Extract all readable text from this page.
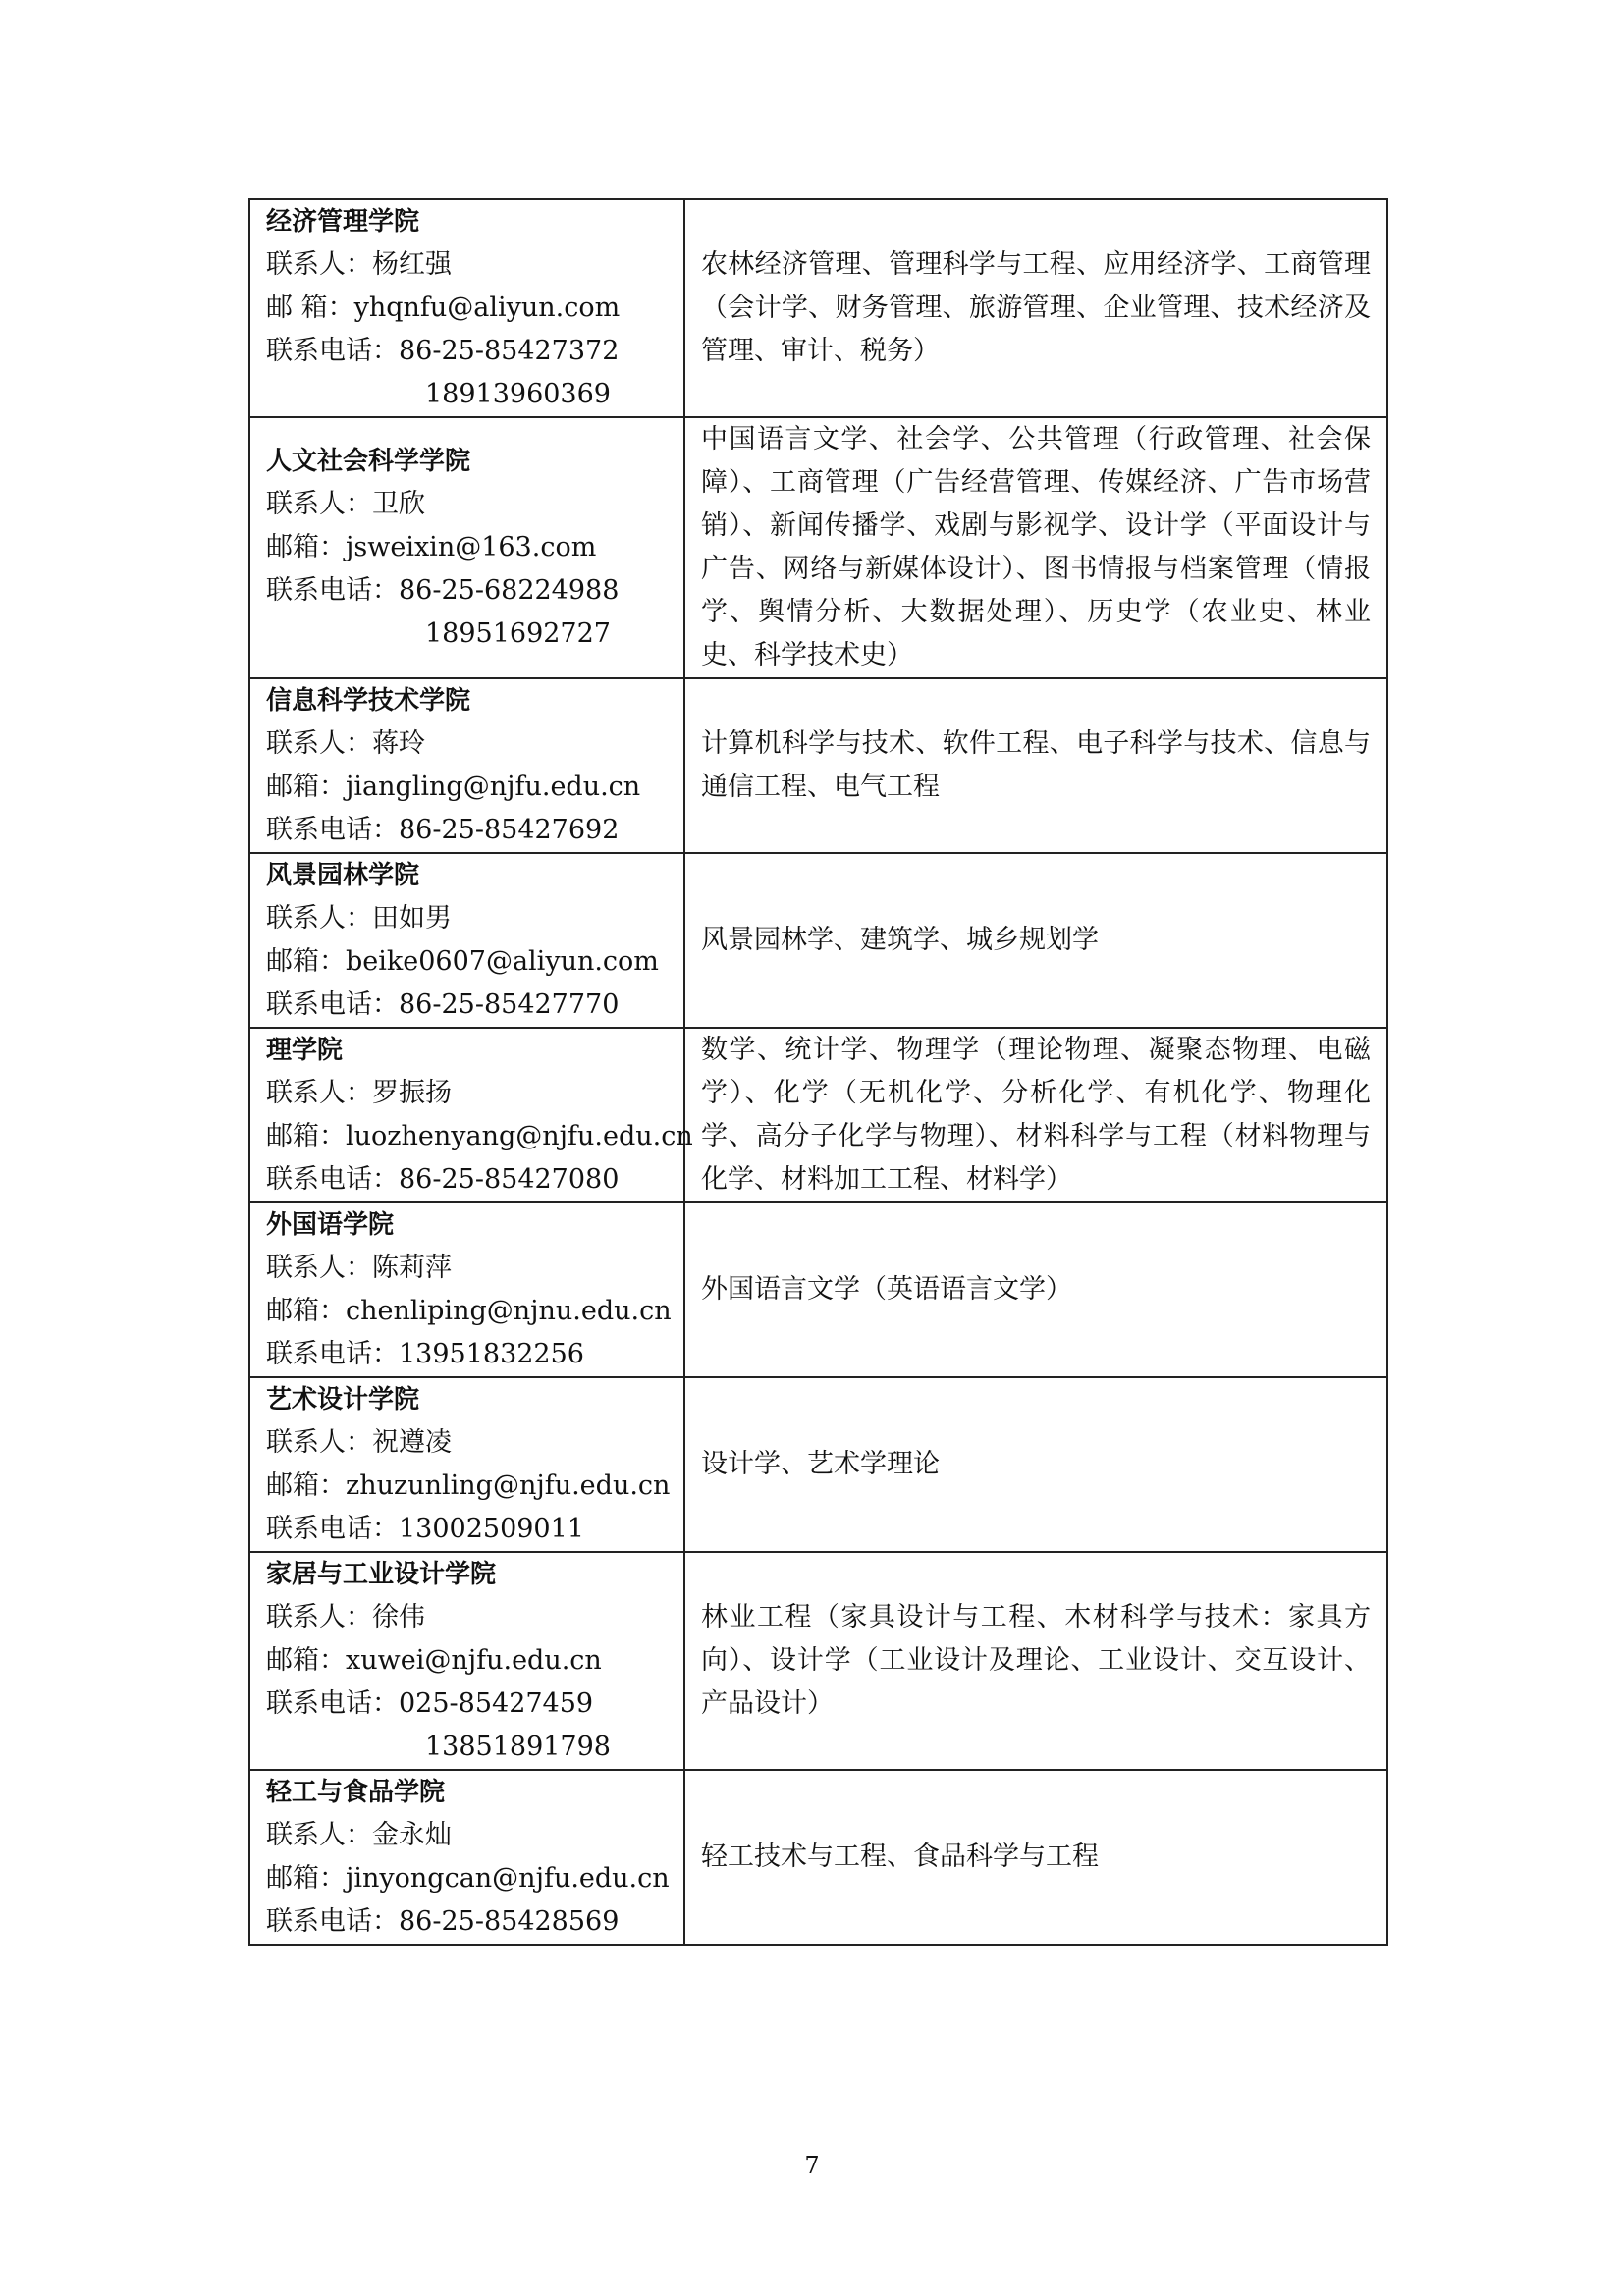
经济管理学院
联系人：杨红强
邮 箱：yhqnfu@aliyun.com
联系电话：86-25-85427372
18913960369	农林经济管理、管理科学与工程、应用经济学、工商管理（会计学、财务管理、旅游管理、企业管理、技术经济及管理、审计、税务）

人文社会科学学院
联系人：卫欣
邮箱：jsweixin@163.com
联系电话：86-25-68224988
18951692727	中国语言文学、社会学、公共管理（行政管理、社会保障）、工商管理（广告经营管理、传媒经济、广告市场营销）、新闻传播学、戏剧与影视学、设计学（平面设计与广告、网络与新媒体设计）、图书情报与档案管理（情报学、舆情分析、大数据处理）、历史学（农业史、林业史、科学技术史）

信息科学技术学院
联系人：蒋玲
邮箱：jiangling@njfu.edu.cn
联系电话：86-25-85427692	计算机科学与技术、软件工程、电子科学与技术、信息与通信工程、电气工程

风景园林学院
联系人：田如男
邮箱：beike0607@aliyun.com
联系电话：86-25-85427770	风景园林学、建筑学、城乡规划学

理学院
联系人：罗振扬
邮箱：luozhenyang@njfu.edu.cn
联系电话：86-25-85427080	数学、统计学、物理学（理论物理、凝聚态物理、电磁学）、化学（无机化学、分析化学、有机化学、物理化学、高分子化学与物理）、材料科学与工程（材料物理与化学、材料加工工程、材料学）

外国语学院
联系人：陈莉萍
邮箱：chenliping@njnu.edu.cn
联系电话：13951832256	外国语言文学（英语语言文学）

艺术设计学院
联系人：祝遵凌
邮箱：zhuzunling@njfu.edu.cn
联系电话：13002509011	设计学、艺术学理论

家居与工业设计学院
联系人：徐伟
邮箱：xuwei@njfu.edu.cn
联系电话：025-85427459
13851891798	林业工程（家具设计与工程、木材科学与技术：家具方向）、设计学（工业设计及理论、工业设计、交互设计、产品设计）

轻工与食品学院
联系人：金永灿
邮箱：jinyongcan@njfu.edu.cn
联系电话：86-25-85428569	轻工技术与工程、食品科学与工程
7
